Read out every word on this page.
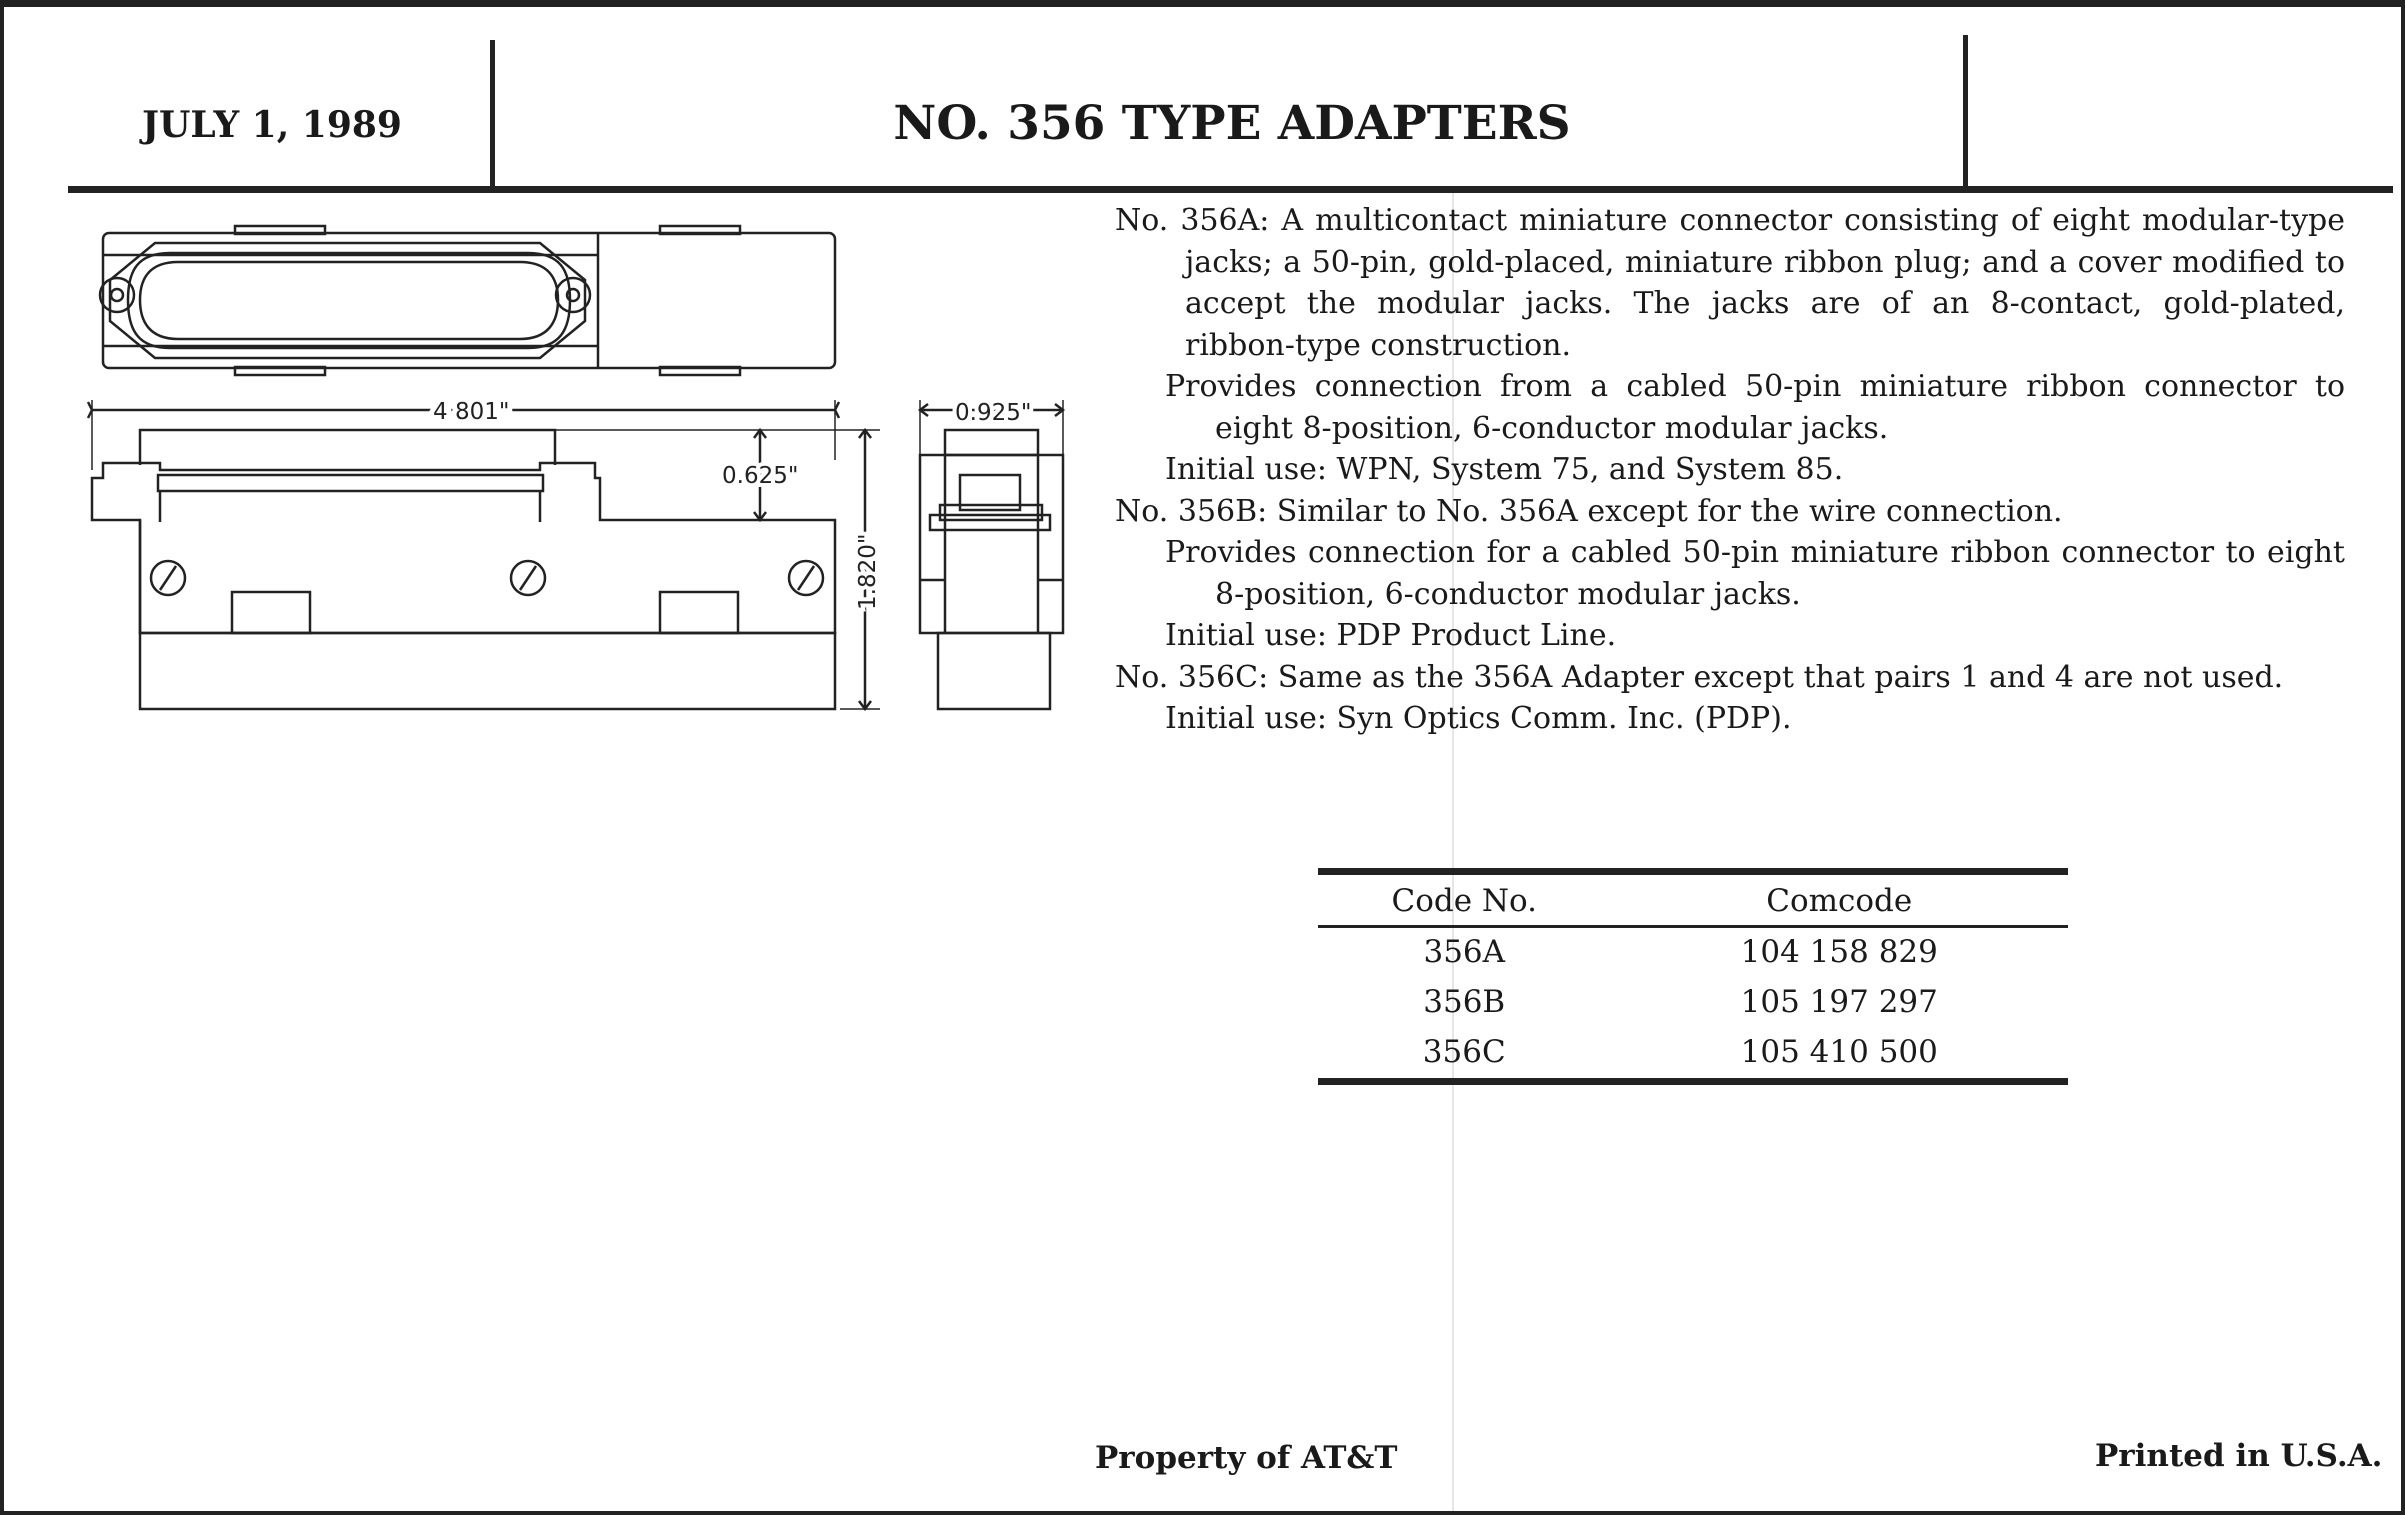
JULY 1, 1989	NO. 356 TYPE ADAPTERS
4 801"	0.925"
0.625"
1.820"

No. 356A: A multicontact miniature connector consisting of eight modular-type jacks; a 50-pin, gold-placed, miniature ribbon plug; and a cover modified to accept the modular jacks. The jacks are of an 8-contact, gold-plated, ribbon-type construction.

Provides connection from a cabled 50-pin miniature ribbon connector to eight 8-position, 6-conductor modular jacks.

Initial use: WPN, System 75, and System 85.

No. 356B: Similar to No. 356A except for the wire connection.

Provides connection for a cabled 50-pin miniature ribbon connector to eight 8-position, 6-conductor modular jacks.

Initial use: PDP Product Line.

No. 356C: Same as the 356A Adapter except that pairs 1 and 4 are not used.

Initial use: Syn Optics Comm. Inc. (PDP).

Code No.	Comcode
356A	104 158 829
356B	105 197 297
356C	105 410 500
Property of AT&T	Printed in U.S.A.
